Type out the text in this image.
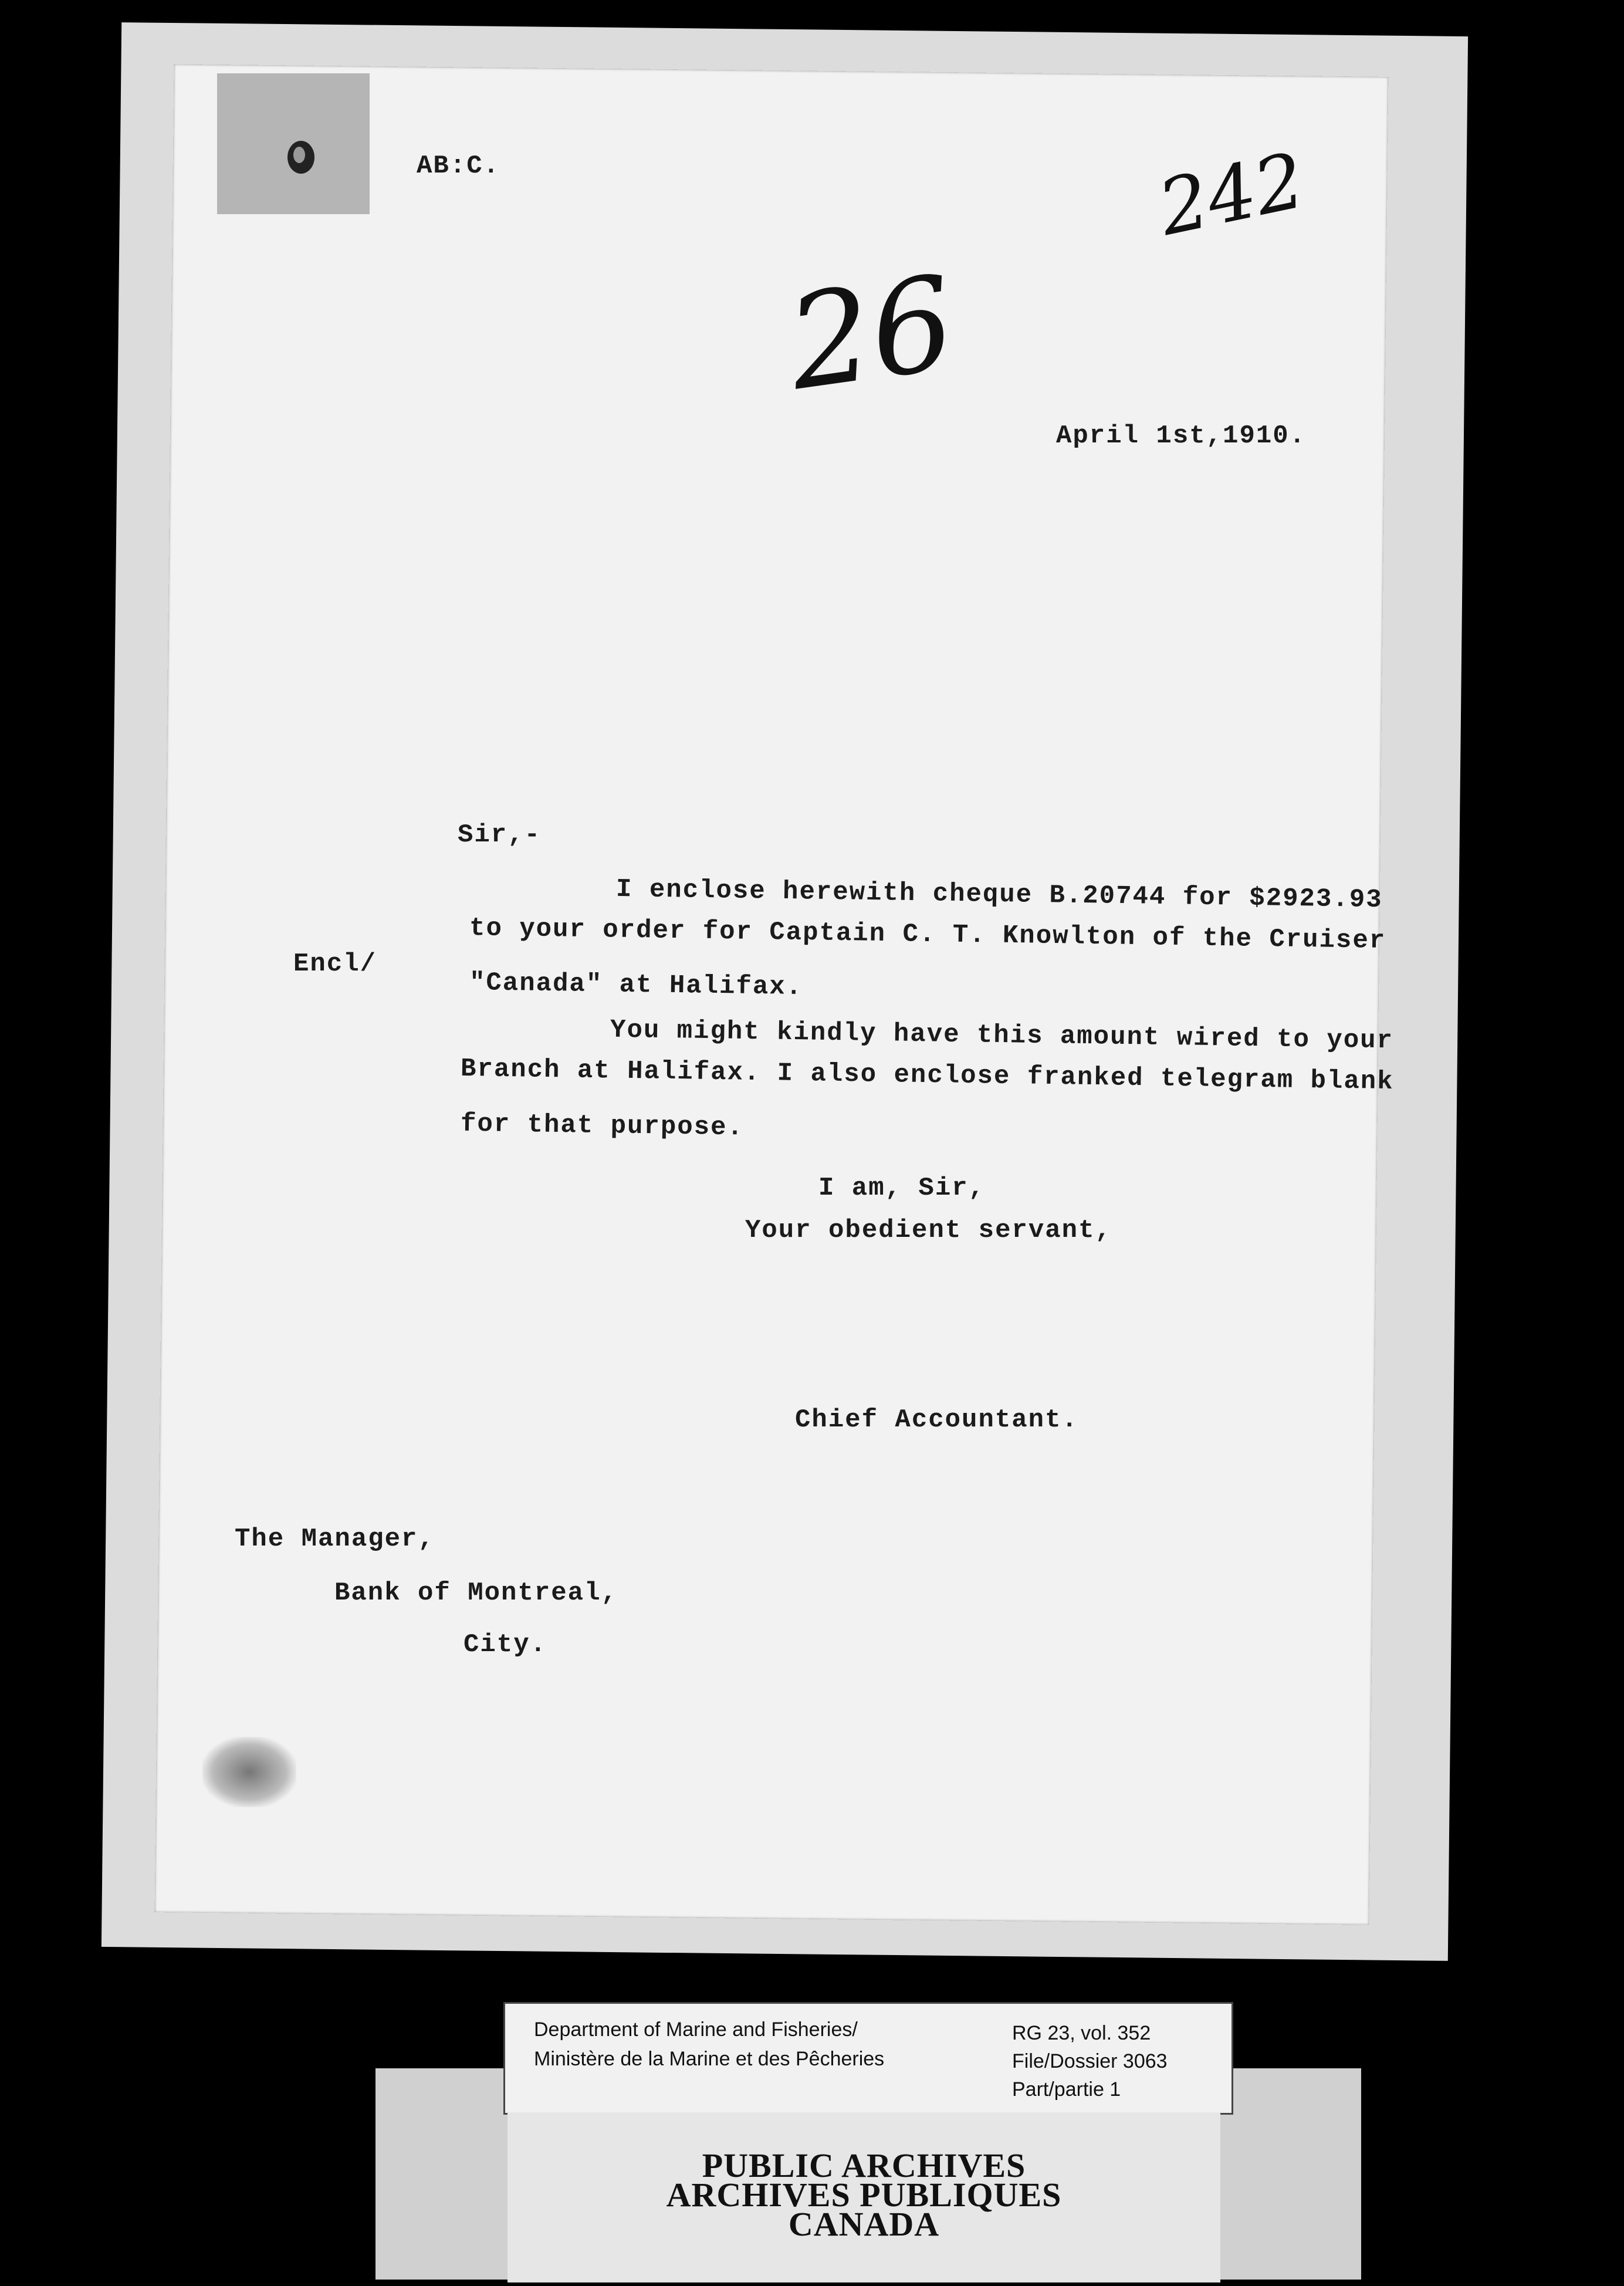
AB:C.	242
26
April 1st,1910.
Sir,-
Encl/
I enclose herewith cheque B.20744 for $2923.93
to your order for Captain C. T. Knowlton of the Cruiser
"Canada" at Halifax.
You might kindly have this amount wired to your
Branch at Halifax. I also enclose franked telegram blank
for that purpose.
I am, Sir,
Your obedient servant,
Chief Accountant.
The Manager,
Bank of Montreal,
City.
Department of Marine and Fisheries/
Ministère de la Marine et des Pêcheries
RG 23, vol. 352
File/Dossier 3063
Part/partie 1
PUBLIC ARCHIVES
ARCHIVES PUBLIQUES
CANADA
